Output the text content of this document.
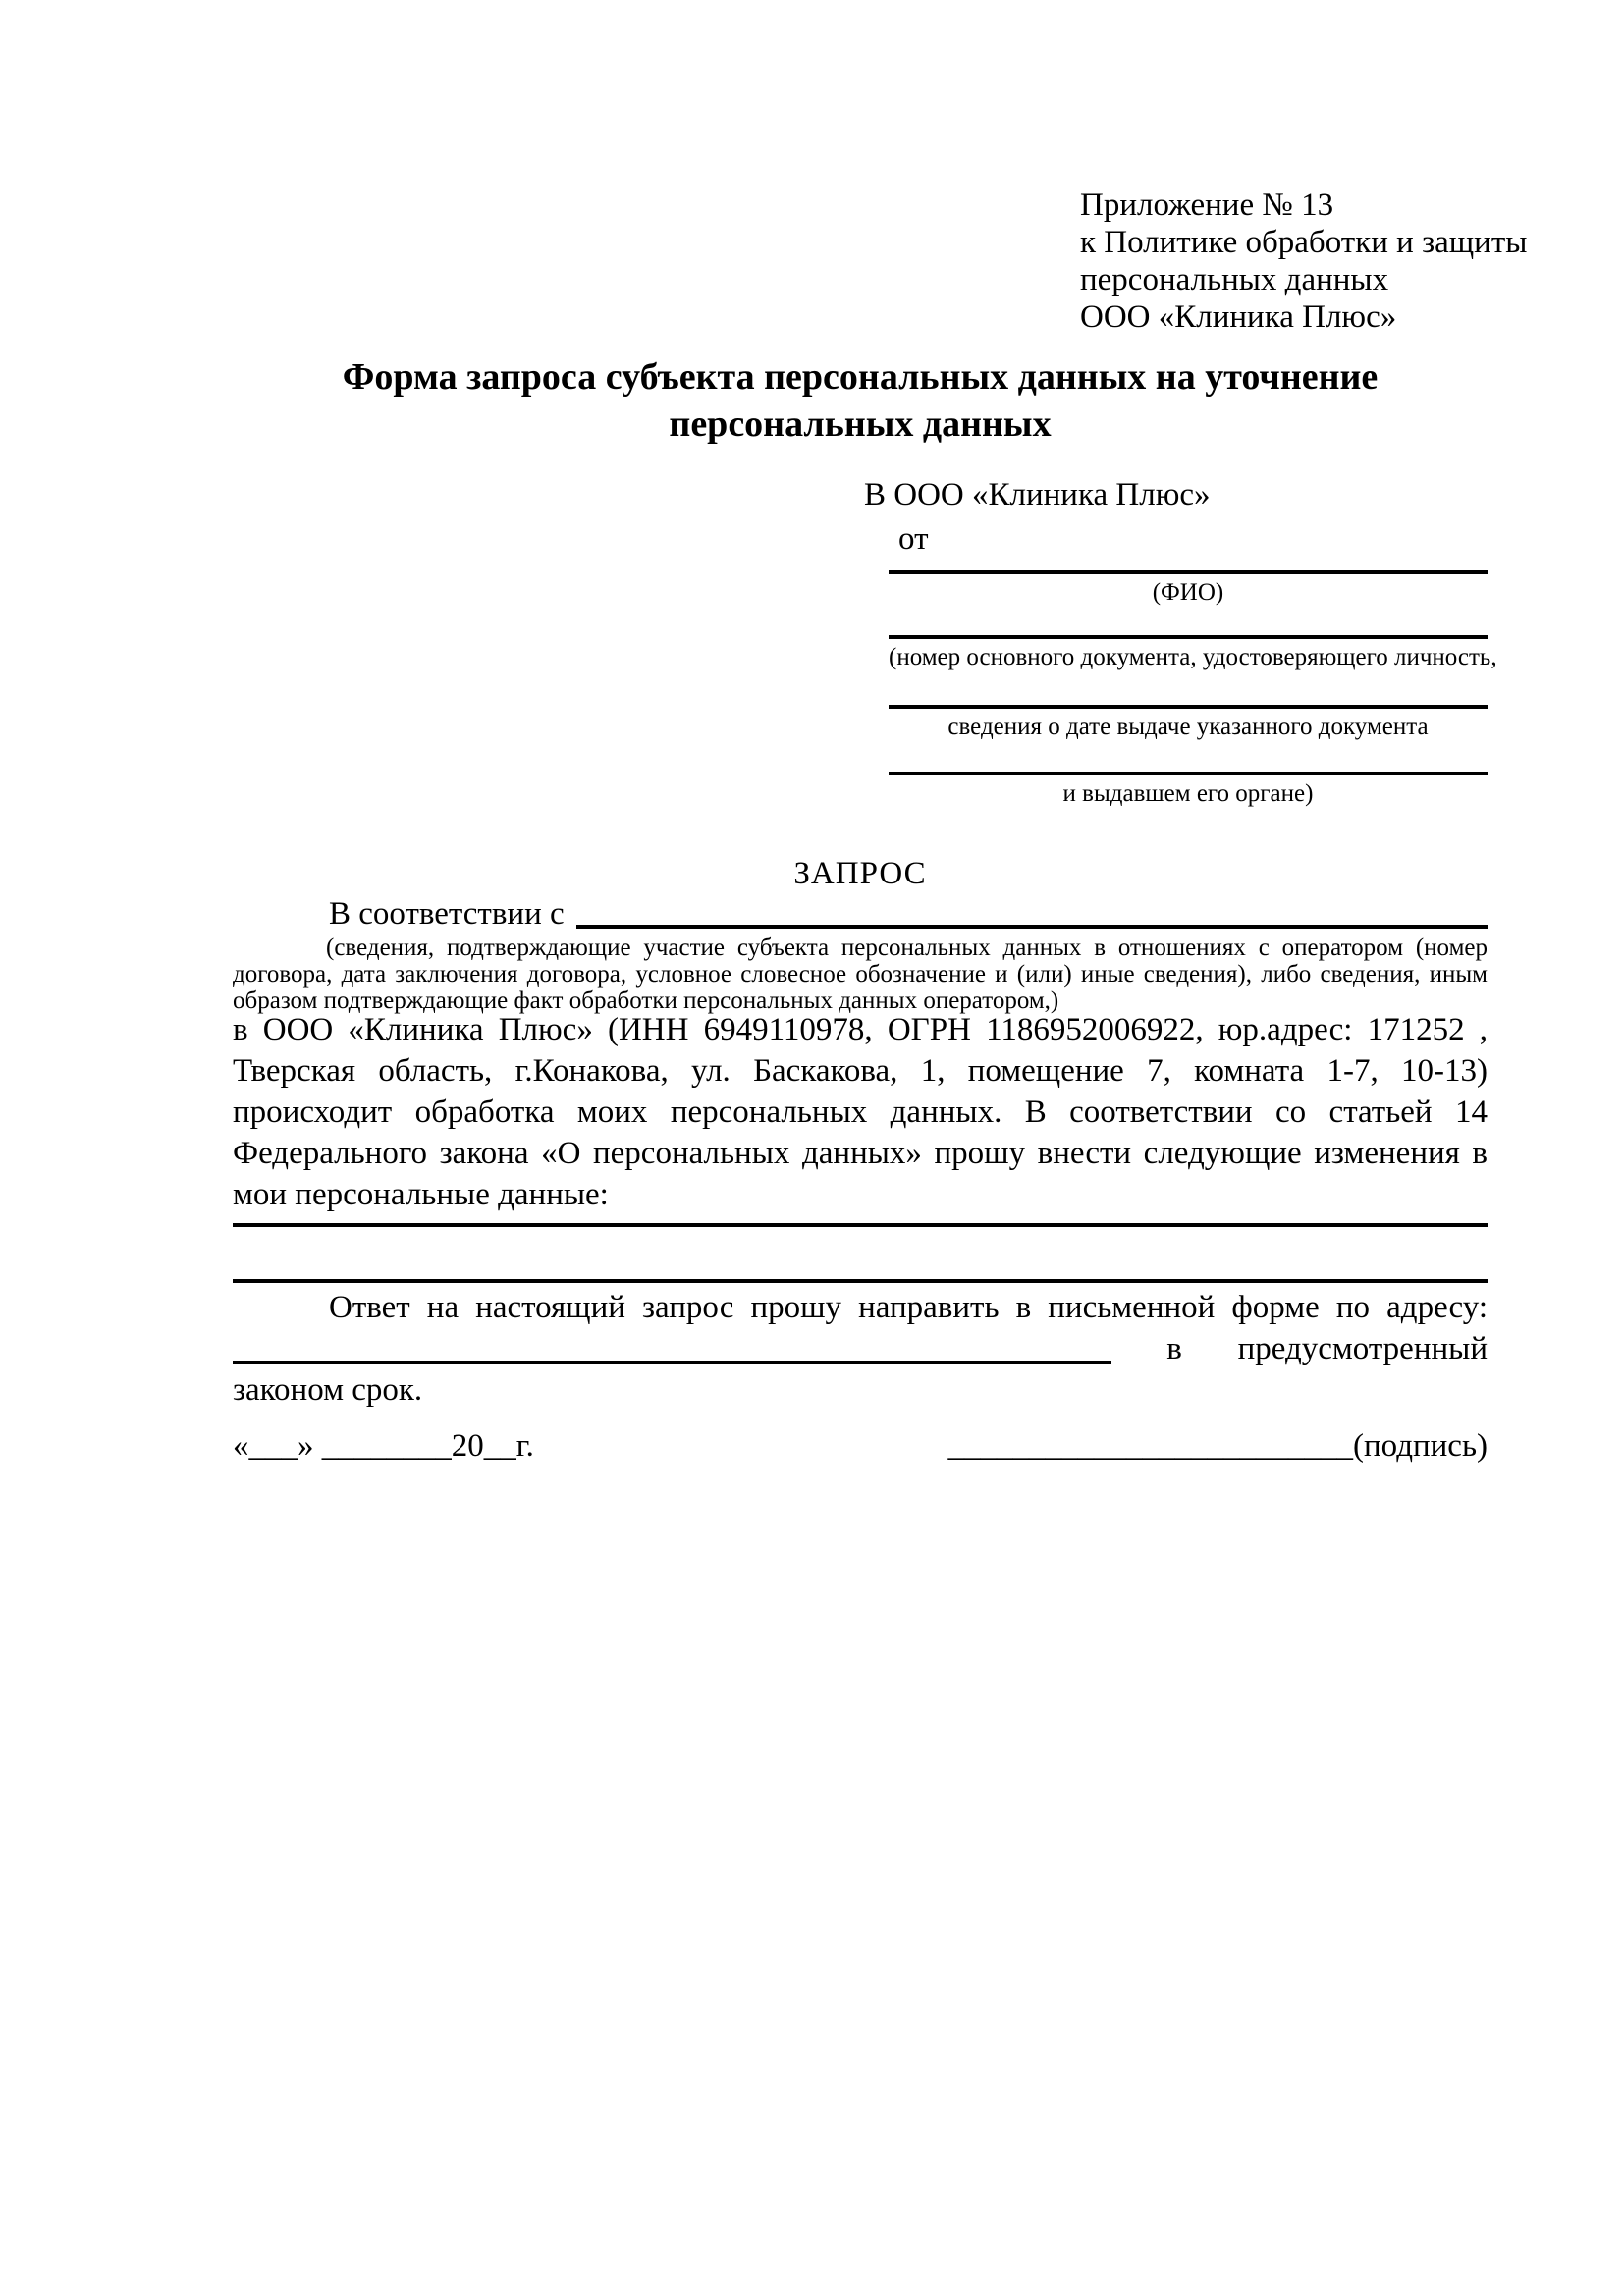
Приложение № 13
к Политике обработки и защиты
персональных данных
ООО «Клиника Плюс»
Форма запроса субъекта персональных данных на уточнение персональных данных
В ООО «Клиника Плюс»
от
(ФИО)
(номер основного документа, удостоверяющего личность,
сведения о дате выдаче указанного документа
и выдавшем его органе)
ЗАПРОС
В соответствии с
(сведения, подтверждающие участие субъекта персональных данных в отношениях с оператором (номер договора, дата заключения договора, условное словесное обозначение и (или) иные сведения), либо сведения, иным образом подтверждающие факт обработки персональных данных оператором,)
в ООО «Клиника Плюс» (ИНН 6949110978, ОГРН 1186952006922, юр.адрес: 171252 , Тверская область, г.Конакова, ул. Баскакова, 1, помещение 7, комната 1-7, 10-13) происходит обработка моих персональных данных. В соответствии со статьей 14 Федерального закона «О персональных данных» прошу внести следующие изменения в мои персональные данные:

Ответ на настоящий запрос прошу направить в письменной форме по адресу:

в предусмотренный

законом срок.

«___» ________20__г.	_________________________(подпись)
